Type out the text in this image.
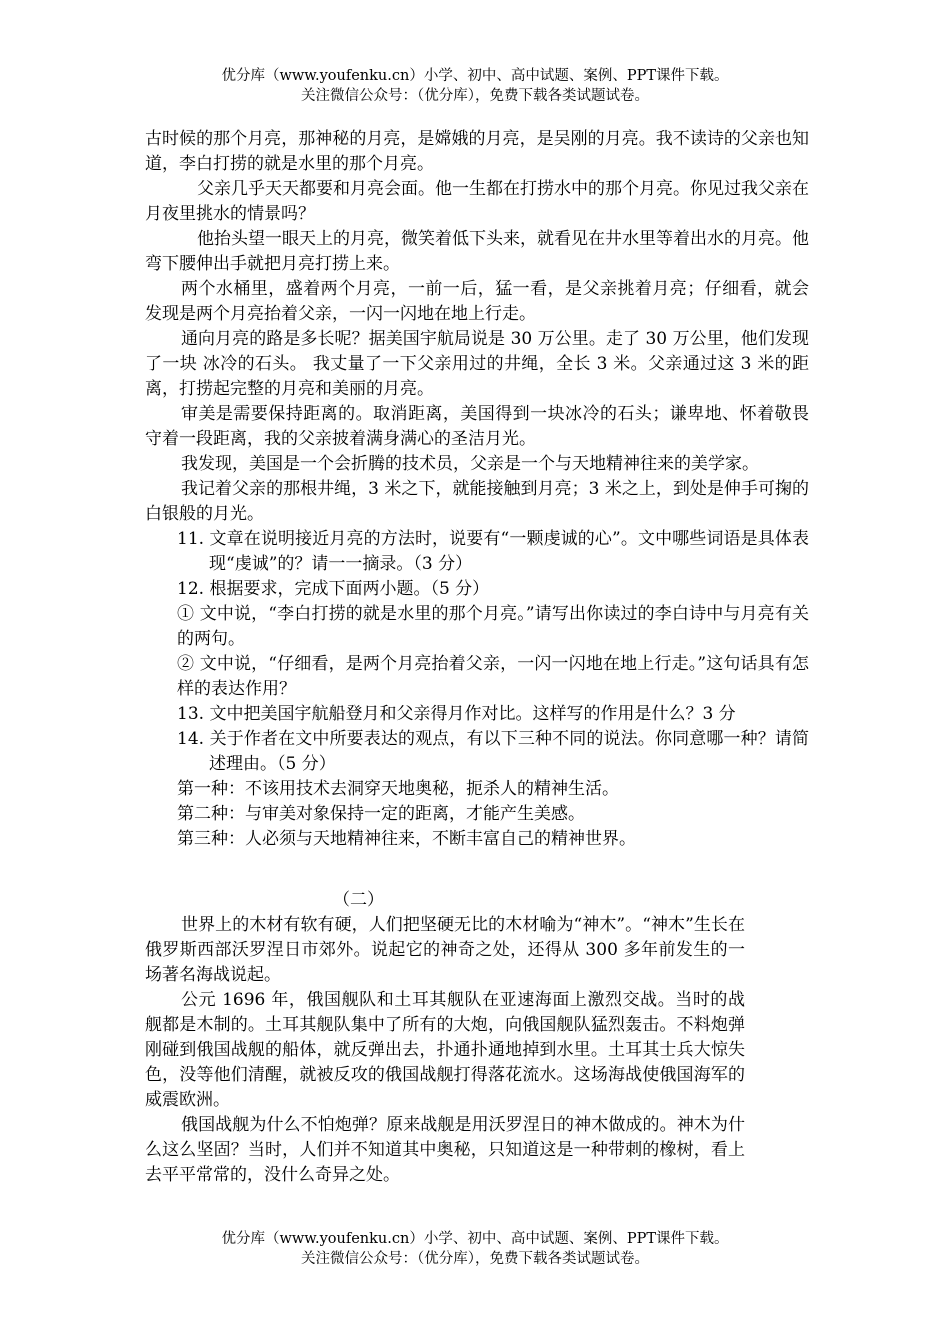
优分库（www.youfenku.cn）小学、初中、高中试题、案例、PPT课件下载。
关注微信公众号：（优分库），免费下载各类试题试卷。

古时候的那个月亮，那神秘的月亮，是嫦娥的月亮，是吴刚的月亮。我不读诗的父亲也知道，李白打捞的就是水里的那个月亮。

父亲几乎天天都要和月亮会面。他一生都在打捞水中的那个月亮。你见过我父亲在月夜里挑水的情景吗？

他抬头望一眼天上的月亮，微笑着低下头来，就看见在井水里等着出水的月亮。他弯下腰伸出手就把月亮打捞上来。

两个水桶里，盛着两个月亮，一前一后，猛一看，是父亲挑着月亮；仔细看，就会发现是两个月亮抬着父亲，一闪一闪地在地上行走。

通向月亮的路是多长呢？据美国宇航局说是 30 万公里。走了 30 万公里，他们发现了一块 冰冷的石头。 我丈量了一下父亲用过的井绳，全长 3 米。父亲通过这 3 米的距离，打捞起完整的月亮和美丽的月亮。

审美是需要保持距离的。取消距离，美国得到一块冰冷的石头；谦卑地、怀着敬畏守着一段距离，我的父亲披着满身满心的圣洁月光。

我发现，美国是一个会折腾的技术员，父亲是一个与天地精神往来的美学家。

我记着父亲的那根井绳，3 米之下，就能接触到月亮；3 米之上，到处是伸手可掬的白银般的月光。

11. 文章在说明接近月亮的方法时，说要有“一颗虔诚的心”。文中哪些词语是具体表现“虔诚”的？请一一摘录。（3 分）

12. 根据要求，完成下面两小题。（5 分）

① 文中说，“李白打捞的就是水里的那个月亮。”请写出你读过的李白诗中与月亮有关的两句。

② 文中说，“仔细看，是两个月亮抬着父亲，一闪一闪地在地上行走。”这句话具有怎样的表达作用？

13. 文中把美国宇航船登月和父亲得月作对比。这样写的作用是什么？3 分

14. 关于作者在文中所要表达的观点，有以下三种不同的说法。你同意哪一种？请简述理由。（5 分）

第一种：不该用技术去洞穿天地奥秘，扼杀人的精神生活。

第二种：与审美对象保持一定的距离，才能产生美感。

第三种：人必须与天地精神往来，不断丰富自己的精神世界。

（二）

世界上的木材有软有硬，人们把坚硬无比的木材喻为“神木”。“神木”生长在俄罗斯西部沃罗涅日市郊外。说起它的神奇之处，还得从 300 多年前发生的一场著名海战说起。

公元 1696 年，俄国舰队和土耳其舰队在亚速海面上激烈交战。当时的战舰都是木制的。土耳其舰队集中了所有的大炮，向俄国舰队猛烈轰击。不料炮弹刚碰到俄国战舰的船体，就反弹出去，扑通扑通地掉到水里。土耳其士兵大惊失色，没等他们清醒，就被反攻的俄国战舰打得落花流水。这场海战使俄国海军的威震欧洲。

俄国战舰为什么不怕炮弹？原来战舰是用沃罗涅日的神木做成的。神木为什么这么坚固？当时，人们并不知道其中奥秘，只知道这是一种带刺的橡树，看上去平平常常的，没什么奇异之处。

优分库（www.youfenku.cn）小学、初中、高中试题、案例、PPT课件下载。
关注微信公众号：（优分库），免费下载各类试题试卷。
